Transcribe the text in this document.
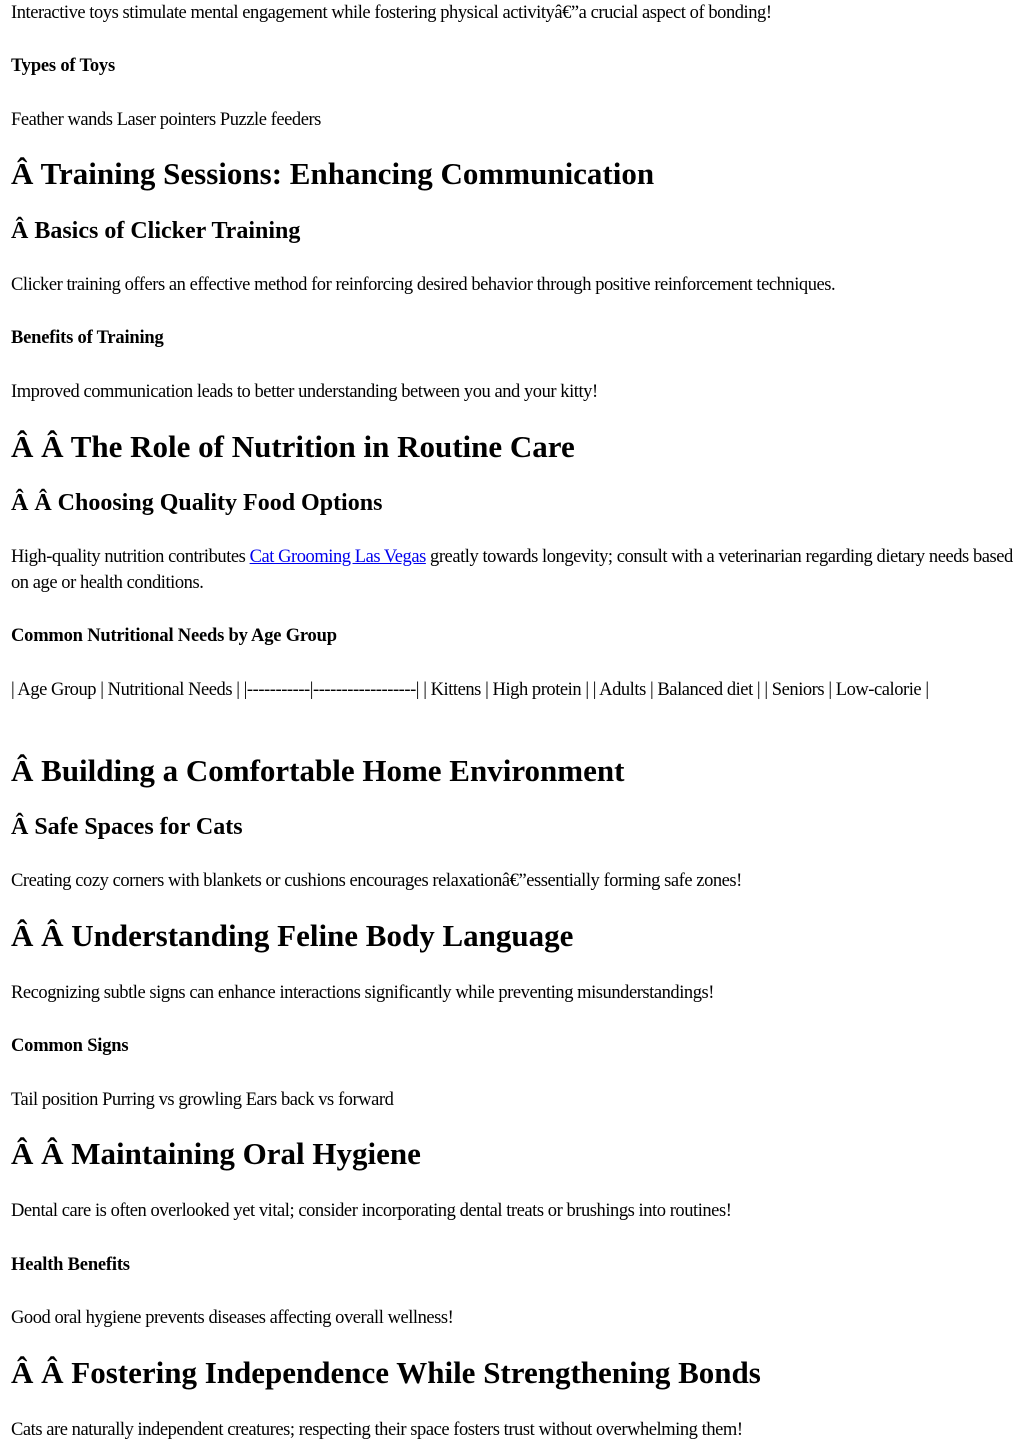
Interactive toys stimulate mental engagement while fostering physical activityâ€”a crucial aspect of bonding!

Types of Toys

Feather wands Laser pointers Puzzle feeders

Â Training Sessions: Enhancing Communication
Â Basics of Clicker Training

Clicker training offers an effective method for reinforcing desired behavior through positive reinforcement techniques.

Benefits of Training

Improved communication leads to better understanding between you and your kitty!

Â Â The Role of Nutrition in Routine Care
Â Â Choosing Quality Food Options

High-quality nutrition contributes Cat Grooming Las Vegas greatly towards longevity; consult with a veterinarian regarding dietary needs based on age or health conditions.

Common Nutritional Needs by Age Group

| Age Group | Nutritional Needs | |-----------|------------------| | Kittens | High protein | | Adults | Balanced diet | | Seniors | Low-calorie |

Â Building a Comfortable Home Environment
Â Safe Spaces for Cats

Creating cozy corners with blankets or cushions encourages relaxationâ€”essentially forming safe zones!

Â Â Understanding Feline Body Language

Recognizing subtle signs can enhance interactions significantly while preventing misunderstandings!

Common Signs

Tail position Purring vs growling Ears back vs forward

Â Â Maintaining Oral Hygiene

Dental care is often overlooked yet vital; consider incorporating dental treats or brushings into routines!

Health Benefits

Good oral hygiene prevents diseases affecting overall wellness!

Â Â Fostering Independence While Strengthening Bonds

Cats are naturally independent creatures; respecting their space fosters trust without overwhelming them!
